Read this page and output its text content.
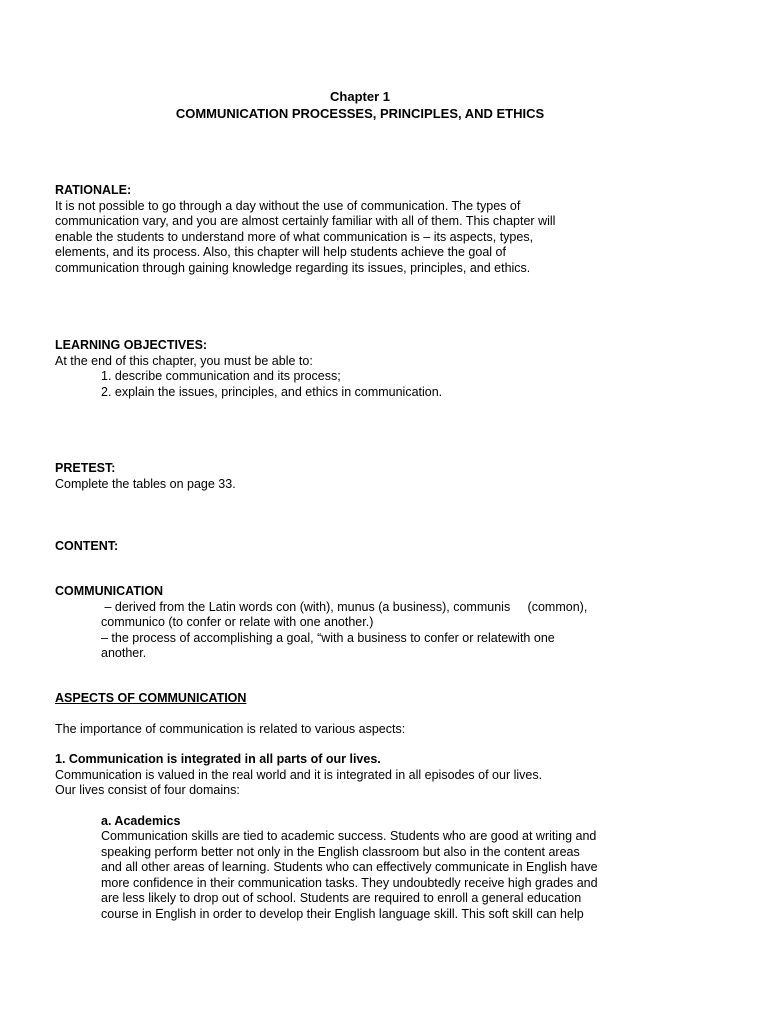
Chapter 1
COMMUNICATION PROCESSES, PRINCIPLES, AND ETHICS
RATIONALE:
It is not possible to go through a day without the use of communication. The types of
communication vary, and you are almost certainly familiar with all of them. This chapter will
enable the students to understand more of what communication is – its aspects, types,
elements, and its process. Also, this chapter will help students achieve the goal of
communication through gaining knowledge regarding its issues, principles, and ethics.
LEARNING OBJECTIVES:
At the end of this chapter, you must be able to:
1. describe communication and its process;
2. explain the issues, principles, and ethics in communication.
PRETEST:
Complete the tables on page 33.
CONTENT:
COMMUNICATION
– derived from the Latin words con (with), munus (a business), communis     (common),
communico (to confer or relate with one another.)
– the process of accomplishing a goal, “with a business to confer or relatewith one
another.
ASPECTS OF COMMUNICATION
The importance of communication is related to various aspects:
1. Communication is integrated in all parts of our lives.
Communication is valued in the real world and it is integrated in all episodes of our lives.
Our lives consist of four domains:
a. Academics
Communication skills are tied to academic success. Students who are good at writing and
speaking perform better not only in the English classroom but also in the content areas
and all other areas of learning. Students who can effectively communicate in English have
more confidence in their communication tasks. They undoubtedly receive high grades and
are less likely to drop out of school. Students are required to enroll a general education
course in English in order to develop their English language skill. This soft skill can help
